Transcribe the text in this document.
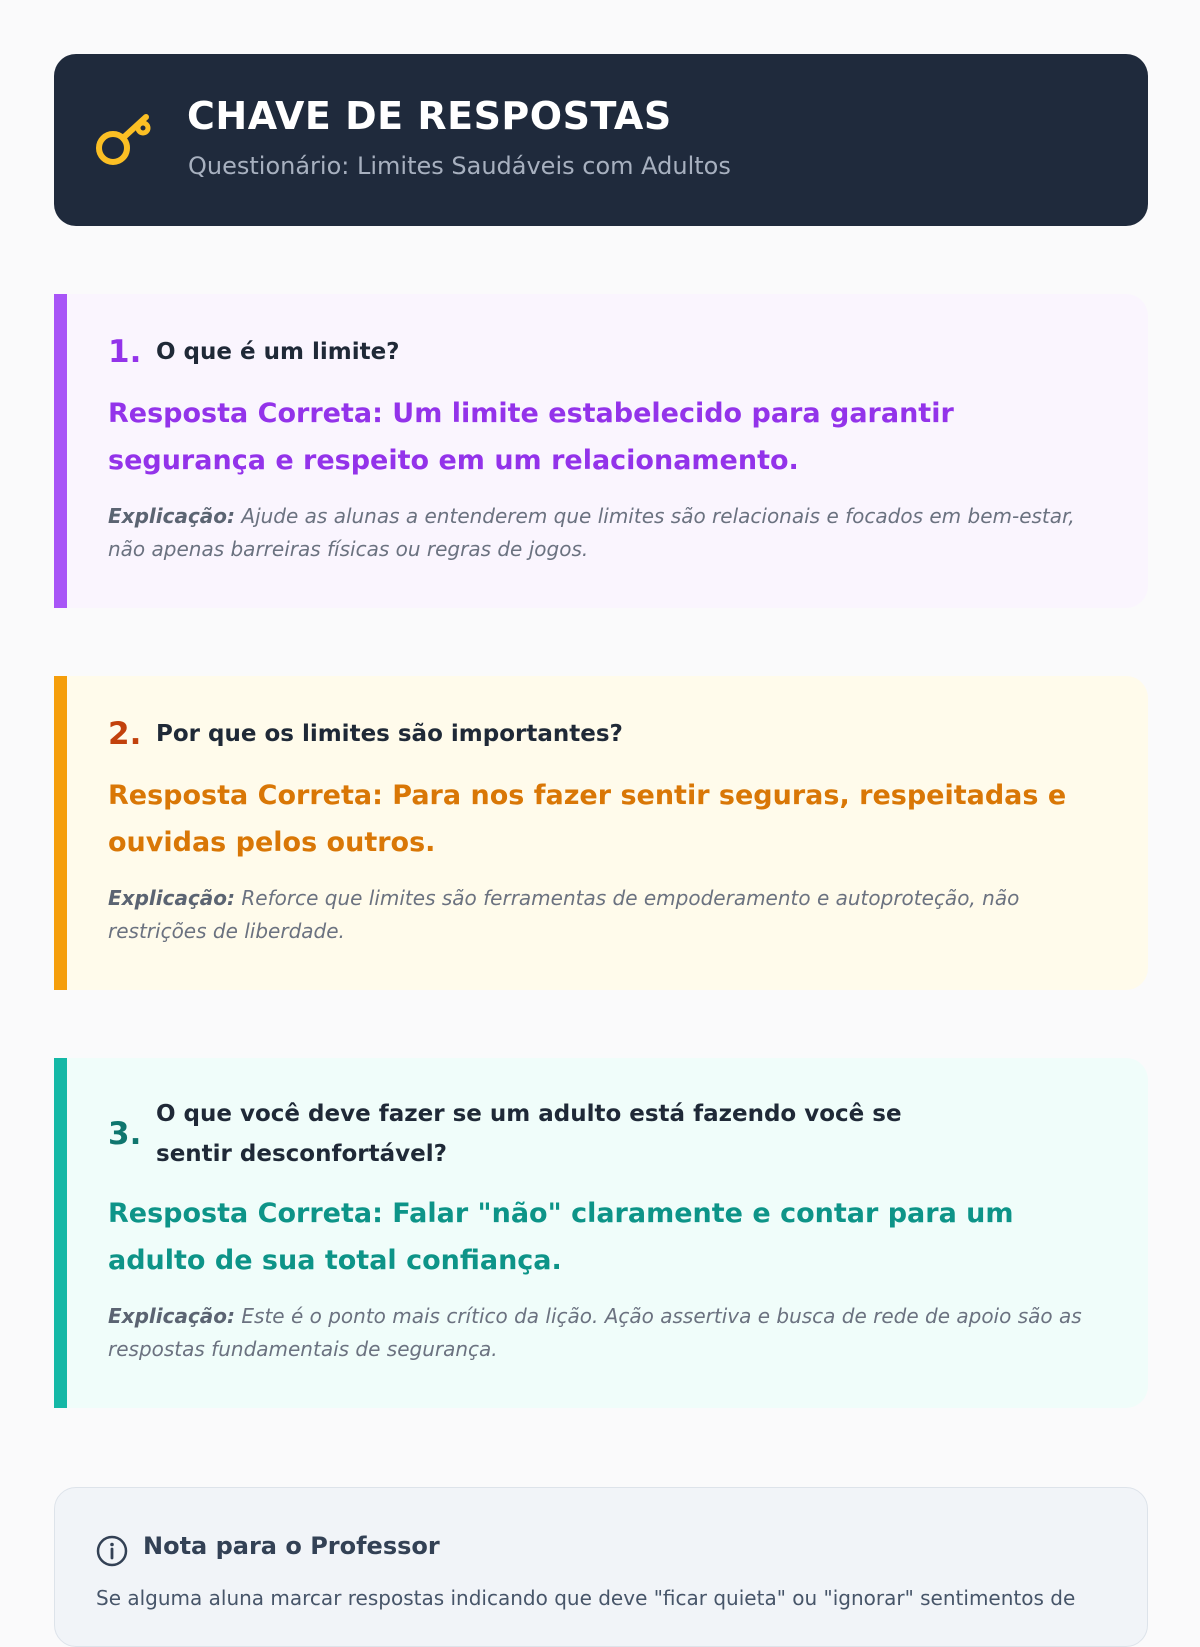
CHAVE DE RESPOSTAS
Questionário: Limites Saudáveis com Adultos
1. O que é um limite?
Resposta Correta: Um limite estabelecido para garantir segurança e respeito em um relacionamento.
Explicação: Ajude as alunas a entenderem que limites são relacionais e focados em bem-estar, não apenas barreiras físicas ou regras de jogos.
2. Por que os limites são importantes?
Resposta Correta: Para nos fazer sentir seguras, respeitadas e ouvidas pelos outros.
Explicação: Reforce que limites são ferramentas de empoderamento e autoproteção, não restrições de liberdade.
3.
O que você deve fazer se um adulto está fazendo você se sentir desconfortável?
Resposta Correta: Falar "não" claramente e contar para um adulto de sua total confiança.
Explicação: Este é o ponto mais crítico da lição. Ação assertiva e busca de rede de apoio são as respostas fundamentais de segurança.
Nota para o Professor
Se alguma aluna marcar respostas indicando que deve "ficar quieta" ou "ignorar" sentimentos de
